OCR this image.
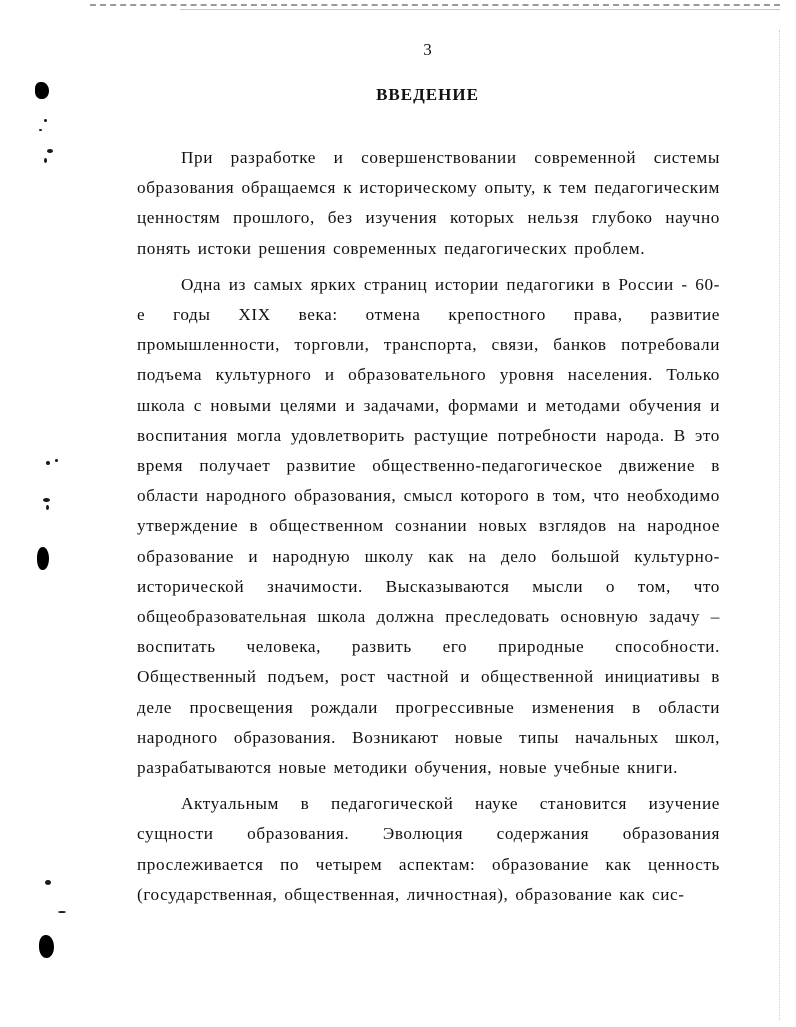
3
ВВЕДЕНИЕ

При разработке и совершенствовании современной системы образования обращаемся к историческому опыту, к тем педагогическим ценностям прошлого, без изучения которых нельзя глубоко научно понять истоки решения современных педагогических проблем.

Одна из самых ярких страниц истории педагогики в России - 60-е годы XIX века: отмена крепостного права, развитие промышленности, торговли, транспорта, связи, банков потребовали подъема культурного и образовательного уровня населения. Только школа с новыми целями и задачами, формами и методами обучения и воспитания могла удовлетворить растущие потребности народа. В это время получает развитие общественно-педагогическое движение в области народного образования, смысл которого в том, что необходимо утверждение в общественном сознании новых взглядов на народное образование и народную школу как на дело большой культурно-исторической значимости. Высказываются мысли о том, что общеобразовательная школа должна преследовать основную задачу – воспитать человека, развить его природные способности. Общественный подъем, рост частной и общественной инициативы в деле просвещения рождали прогрессивные изменения в области народного образования. Возникают новые типы начальных школ, разрабатываются новые методики обучения, новые учебные книги.

Актуальным в педагогической науке становится изучение сущности образования. Эволюция содержания образования прослеживается по четырем аспектам: образование как ценность (государственная, общественная, личностная), образование как сис-
